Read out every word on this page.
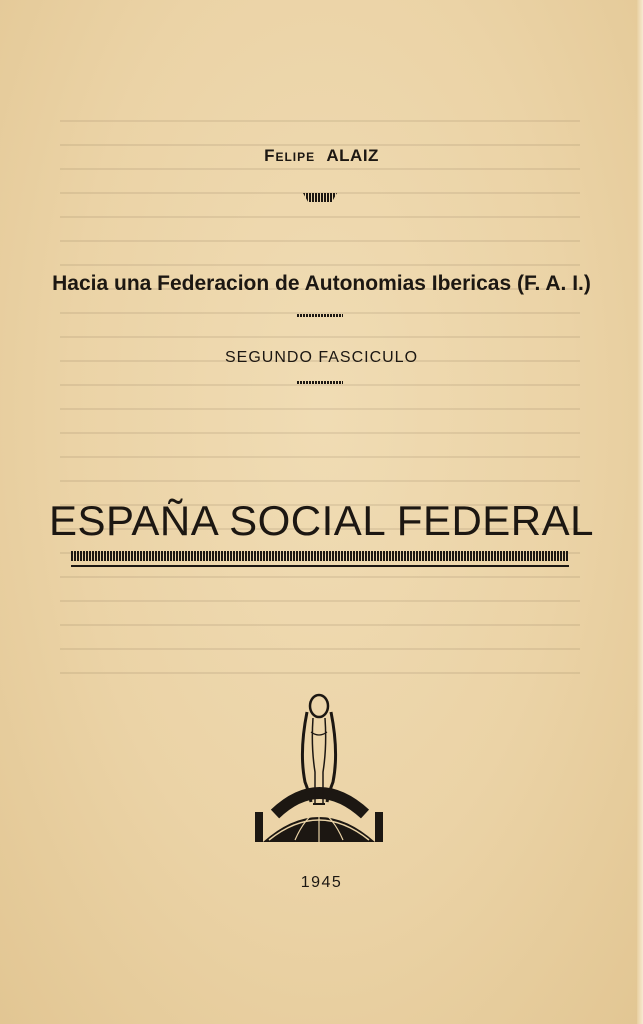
Felipe ALAIZ
Hacia una Federacion de Autonomias Ibericas (F. A. I.)
SEGUNDO FASCICULO
ESPAÑA SOCIAL FEDERAL
1945
